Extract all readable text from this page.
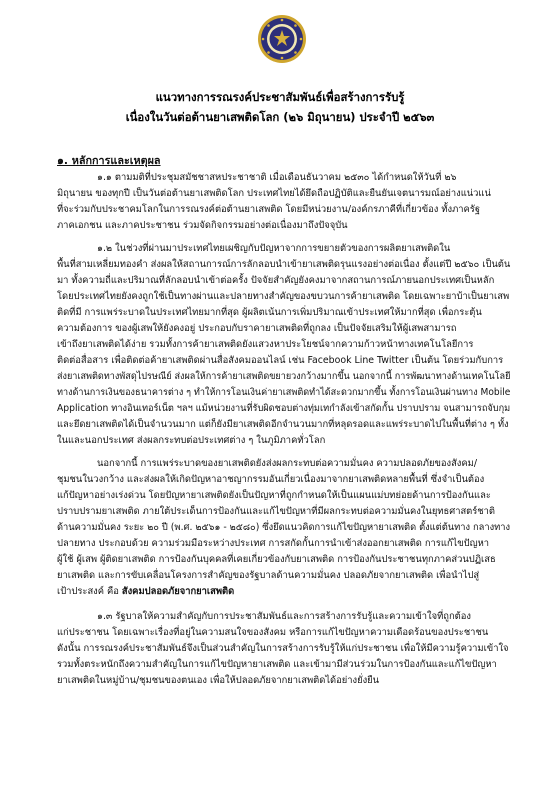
แนวทางการรณรงค์ประชาสัมพันธ์เพื่อสร้างการรับรู้
เนื่องในวันต่อต้านยาเสพติดโลก (๒๖ มิถุนายน) ประจำปี ๒๕๖๓
๑. หลักการและเหตุผล
๑.๑ ตามมติที่ประชุมสมัชชาสหประชาชาติ เมื่อเดือนธันวาคม ๒๕๓๐ ได้กำหนดให้วันที่ ๒๖
มิถุนายน ของทุกปี เป็นวันต่อต้านยาเสพติดโลก ประเทศไทยได้ยึดถือปฏิบัติและยืนยันเจตนารมณ์อย่างแน่วแน่
ที่จะร่วมกับประชาคมโลกในการรณรงค์ต่อต้านยาเสพติด โดยมีหน่วยงาน/องค์กรภาคีที่เกี่ยวข้อง ทั้งภาครัฐ
ภาคเอกชน และภาคประชาชน ร่วมจัดกิจกรรมอย่างต่อเนื่องมาถึงปัจจุบัน
๑.๒ ในช่วงที่ผ่านมาประเทศไทยเผชิญกับปัญหาจากการขยายตัวของการผลิตยาเสพติดใน
พื้นที่สามเหลี่ยมทองคำ ส่งผลให้สถานการณ์การลักลอบนำเข้ายาเสพติดรุนแรงอย่างต่อเนื่อง ตั้งแต่ปี ๒๕๖๐ เป็นต้น
มา ทั้งความถี่และปริมาณที่ลักลอบนำเข้าต่อครั้ง ปัจจัยสำคัญยังคงมาจากสถานการณ์ภายนอกประเทศเป็นหลัก
โดยประเทศไทยยังคงถูกใช้เป็นทางผ่านและปลายทางสำคัญของขบวนการค้ายาเสพติด โดยเฉพาะยาบ้าเป็นยาเสพ
ติดที่มี การแพร่ระบาดในประเทศไทยมากที่สุด ผู้ผลิตเน้นการเพิ่มปริมาณเข้าประเทศให้มากที่สุด เพื่อกระตุ้น
ความต้องการ ของผู้เสพให้ยังคงอยู่ ประกอบกับราคายาเสพติดที่ถูกลง เป็นปัจจัยเสริมให้ผู้เสพสามารถ
เข้าถึงยาเสพติดได้ง่าย รวมทั้งการค้ายาเสพติดยังแสวงหาประโยชน์จากความก้าวหน้าทางเทคโนโลยีการ
ติดต่อสื่อสาร เพื่อติดต่อค้ายาเสพติดผ่านสื่อสังคมออนไลน์ เช่น Facebook Line Twitter เป็นต้น โดยร่วมกับการ
ส่งยาเสพติดทางพัสดุไปรษณีย์ ส่งผลให้การค้ายาเสพติดขยายวงกว้างมากขึ้น นอกจากนี้ การพัฒนาทางด้านเทคโนโลยี
ทางด้านการเงินของธนาคารต่าง ๆ ทำให้การโอนเงินค่ายาเสพติดทำได้สะดวกมากขึ้น ทั้งการโอนเงินผ่านทาง Mobile
Application ทางอินเทอร์เน็ต ฯลฯ แม้หน่วยงานที่รับผิดชอบต่างทุ่มเทกำลังเข้าสกัดกั้น ปราบปราม จนสามารถจับกุม
และยึดยาเสพติดได้เป็นจำนวนมาก แต่ก็ยังมียาเสพติดอีกจำนวนมากที่หลุดรอดและแพร่ระบาดไปในพื้นที่ต่าง ๆ ทั้ง
ในและนอกประเทศ ส่งผลกระทบต่อประเทศต่าง ๆ ในภูมิภาคทั่วโลก
นอกจากนี้ การแพร่ระบาดของยาเสพติดยังส่งผลกระทบต่อความมั่นคง ความปลอดภัยของสังคม/
ชุมชนในวงกว้าง และส่งผลให้เกิดปัญหาอาชญากรรมอันเกี่ยวเนื่องมาจากยาเสพติดหลายพื้นที่ ซึ่งจำเป็นต้อง
แก้ปัญหาอย่างเร่งด่วน โดยปัญหายาเสพติดยังเป็นปัญหาที่ถูกกำหนดให้เป็นแผนแม่บทย่อยด้านการป้องกันและ
ปราบปรามยาเสพติด ภายใต้ประเด็นการป้องกันและแก้ไขปัญหาที่มีผลกระทบต่อความมั่นคงในยุทธศาสตร์ชาติ
ด้านความมั่นคง ระยะ ๒๐ ปี (พ.ศ. ๒๕๖๑ - ๒๕๘๐) ซึ่งยึดแนวคิดการแก้ไขปัญหายาเสพติด ตั้งแต่ต้นทาง กลางทาง
ปลายทาง ประกอบด้วย ความร่วมมือระหว่างประเทศ การสกัดกั้นการนำเข้าส่งออกยาเสพติด การแก้ไขปัญหา
ผู้ใช้ ผู้เสพ ผู้ติดยาเสพติด การป้องกันบุคคลที่เคยเกี่ยวข้องกับยาเสพติด การป้องกันประชาชนทุกภาคส่วนปฏิเสธ
ยาเสพติด และการขับเคลื่อนโครงการสำคัญของรัฐบาลด้านความมั่นคง ปลอดภัยจากยาเสพติด เพื่อนำไปสู่
เป้าประสงค์ คือ สังคมปลอดภัยจากยาเสพติด
๑.๓ รัฐบาลให้ความสำคัญกับการประชาสัมพันธ์และการสร้างการรับรู้และความเข้าใจที่ถูกต้อง
แก่ประชาชน โดยเฉพาะเรื่องที่อยู่ในความสนใจของสังคม หรือการแก้ไขปัญหาความเดือดร้อนของประชาชน
ดังนั้น การรณรงค์ประชาสัมพันธ์จึงเป็นส่วนสำคัญในการสร้างการรับรู้ให้แก่ประชาชน เพื่อให้มีความรู้ความเข้าใจ
รวมทั้งตระหนักถึงความสำคัญในการแก้ไขปัญหายาเสพติด และเข้ามามีส่วนร่วมในการป้องกันและแก้ไขปัญหา
ยาเสพติดในหมู่บ้าน/ชุมชนของตนเอง เพื่อให้ปลอดภัยจากยาเสพติดได้อย่างยั่งยืน
